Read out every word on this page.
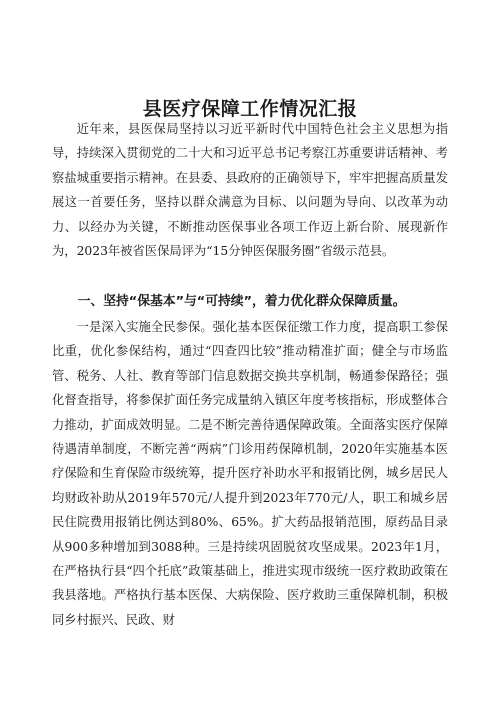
县医疗保障工作情况汇报

近年来，县医保局坚持以习近平新时代中国特色社会主义思想为指导，持续深入贯彻党的二十大和习近平总书记考察江苏重要讲话精神、考察盐城重要指示精神。在县委、县政府的正确领导下，牢牢把握高质量发展这一首要任务，坚持以群众满意为目标、以问题为导向、以改革为动力、以经办为关键，不断推动医保事业各项工作迈上新台阶、展现新作为，2023年被省医保局评为“15分钟医保服务圈”省级示范县。

一、坚持“保基本”与“可持续”，着力优化群众保障质量。

一是深入实施全民参保。强化基本医保征缴工作力度，提高职工参保比重，优化参保结构，通过“四查四比较”推动精准扩面；健全与市场监管、税务、人社、教育等部门信息数据交换共享机制，畅通参保路径；强化督查指导，将参保扩面任务完成量纳入镇区年度考核指标，形成整体合力推动，扩面成效明显。二是不断完善待遇保障政策。全面落实医疗保障待遇清单制度，不断完善“两病”门诊用药保障机制，2020年实施基本医疗保险和生育保险市级统筹，提升医疗补助水平和报销比例，城乡居民人均财政补助从2019年570元/人提升到2023年770元/人，职工和城乡居民住院费用报销比例达到80%、65%。扩大药品报销范围，原药品目录从900多种增加到3088种。三是持续巩固脱贫攻坚成果。2023年1月，在严格执行县“四个托底”政策基础上，推进实现市级统一医疗救助政策在我县落地。严格执行基本医保、大病保险、医疗救助三重保障机制，积极同乡村振兴、民政、财
